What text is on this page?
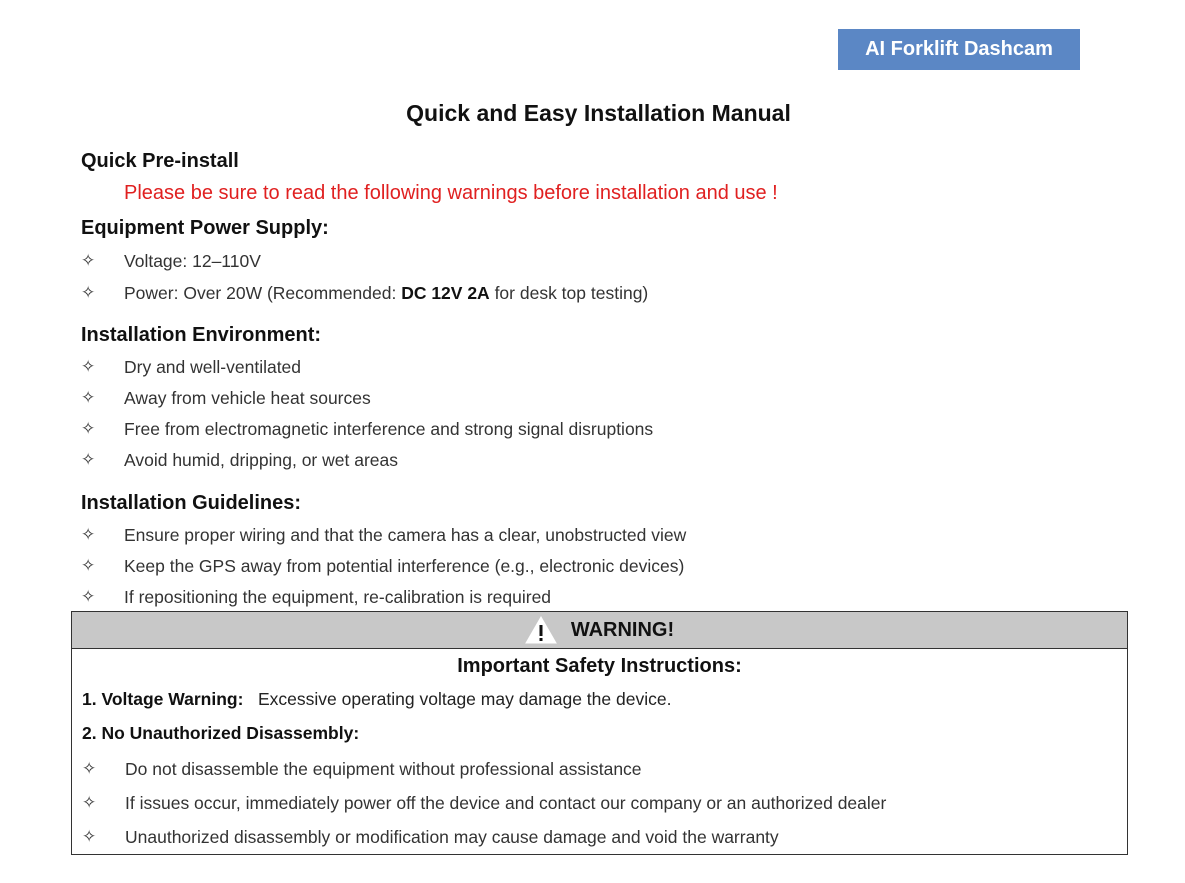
AI Forklift Dashcam
Quick and Easy Installation Manual
Quick Pre-install
Please be sure to read the following warnings before installation and use !
Equipment Power Supply:
✧	Voltage: 12–110V
✧	Power: Over 20W (Recommended: DC 12V 2A for desk top testing)
Installation Environment:
✧	Dry and well-ventilated
✧	Away from vehicle heat sources
✧	Free from electromagnetic interference and strong signal disruptions
✧	Avoid humid, dripping, or wet areas
Installation Guidelines:
✧	Ensure proper wiring and that the camera has a clear, unobstructed view
✧	Keep the GPS away from potential interference (e.g., electronic devices)
✧	If repositioning the equipment, re-calibration is required
WARNING!
Important Safety Instructions:
1. Voltage Warning: Excessive operating voltage may damage the device.
2. No Unauthorized Disassembly:
✧	Do not disassemble the equipment without professional assistance
✧	If issues occur, immediately power off the device and contact our company or an authorized dealer
✧	Unauthorized disassembly or modification may cause damage and void the warranty
